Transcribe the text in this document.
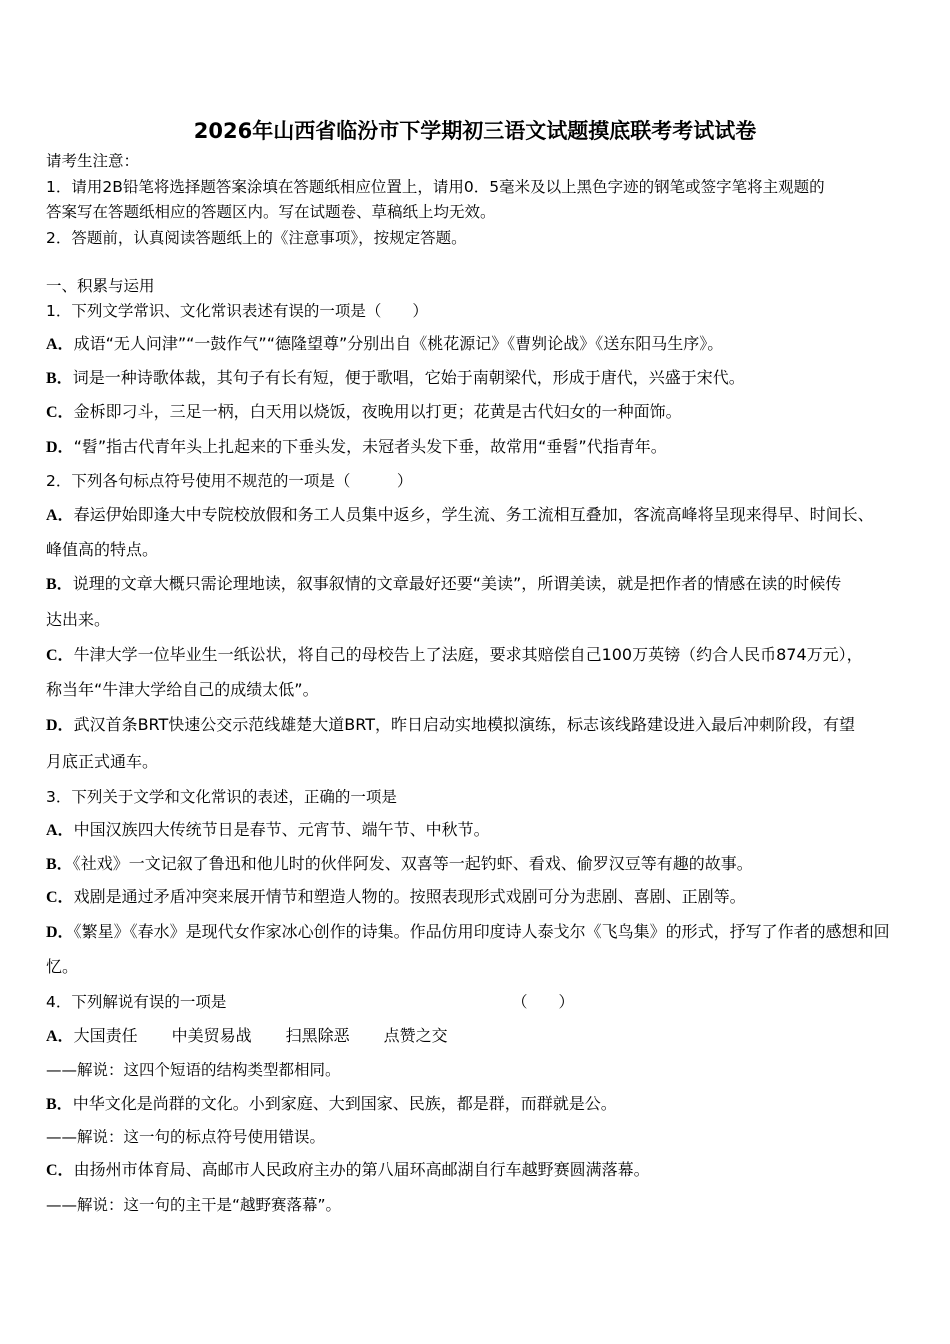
2026年山西省临汾市下学期初三语文试题摸底联考考试试卷
请考生注意：
1．请用2B铅笔将选择题答案涂填在答题纸相应位置上，请用0．5毫米及以上黑色字迹的钢笔或签字笔将主观题的
答案写在答题纸相应的答题区内。写在试题卷、草稿纸上均无效。
2．答题前，认真阅读答题纸上的《注意事项》，按规定答题。
一、积累与运用
1．下列文学常识、文化常识表述有误的一项是（　　）
A．成语“无人问津”“一鼓作气”“德隆望尊”分别出自《桃花源记》《曹刿论战》《送东阳马生序》。
B．词是一种诗歌体裁，其句子有长有短，便于歌唱，它始于南朝梁代，形成于唐代，兴盛于宋代。
C．金柝即刁斗，三足一柄，白天用以烧饭，夜晚用以打更；花黄是古代妇女的一种面饰。
D．“髫”指古代青年头上扎起来的下垂头发，未冠者头发下垂，故常用“垂髫”代指青年。
2．下列各句标点符号使用不规范的一项是（　　　）
A．春运伊始即逢大中专院校放假和务工人员集中返乡，学生流、务工流相互叠加，客流高峰将呈现来得早、时间长、
峰值高的特点。
B．说理的文章大概只需论理地读，叙事叙情的文章最好还要“美读”，所谓美读，就是把作者的情感在读的时候传
达出来。
C．牛津大学一位毕业生一纸讼状，将自己的母校告上了法庭，要求其赔偿自己100万英镑（约合人民币874万元），
称当年“牛津大学给自己的成绩太低”。
D．武汉首条BRT快速公交示范线雄楚大道BRT，昨日启动实地模拟演练，标志该线路建设进入最后冲刺阶段，有望
月底正式通车。
3．下列关于文学和文化常识的表述，正确的一项是
A．中国汉族四大传统节日是春节、元宵节、端午节、中秋节。
B．《社戏》一文记叙了鲁迅和他儿时的伙伴阿发、双喜等一起钓虾、看戏、偷罗汉豆等有趣的故事。
C．戏剧是通过矛盾冲突来展开情节和塑造人物的。按照表现形式戏剧可分为悲剧、喜剧、正剧等。
D．《繁星》《春水》是现代女作家冰心创作的诗集。作品仿用印度诗人泰戈尔《飞鸟集》的形式，抒写了作者的感想和回
忆。
4．下列解说有误的一项是	（　　）
A．大国责任 中美贸易战 扫黑除恶 点赞之交
——解说：这四个短语的结构类型都相同。
B．中华文化是尚群的文化。小到家庭、大到国家、民族，都是群，而群就是公。
——解说：这一句的标点符号使用错误。
C．由扬州市体育局、高邮市人民政府主办的第八届环高邮湖自行车越野赛圆满落幕。
——解说：这一句的主干是“越野赛落幕”。
